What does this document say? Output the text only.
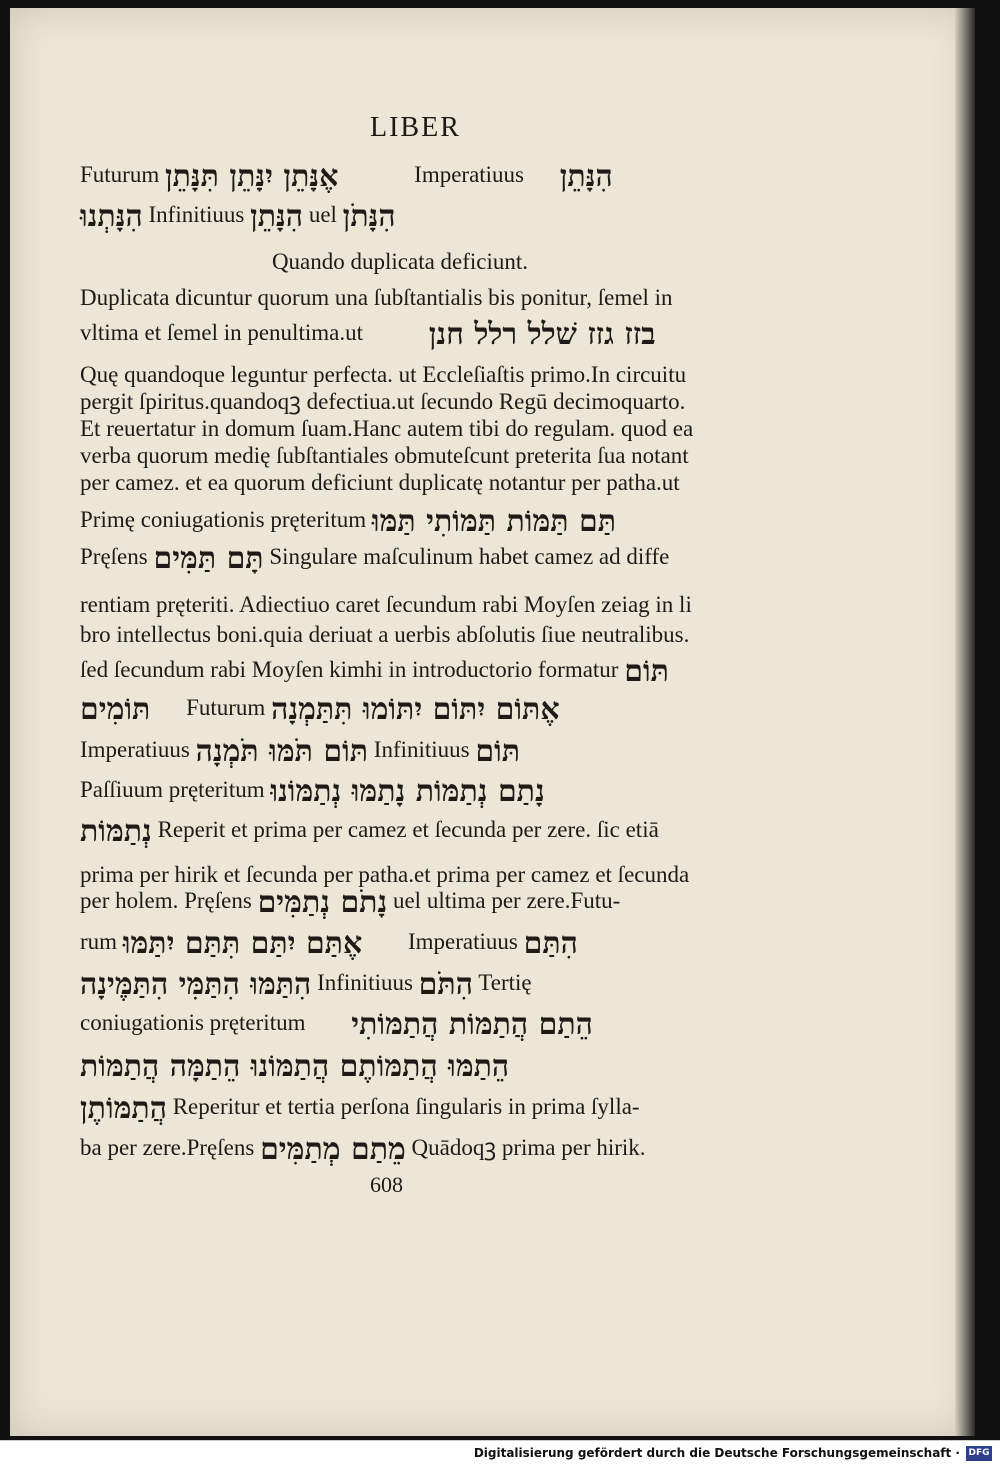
LIBER
Futurum אֶנָּתֵן יִנָּתֵן תִּנָּתֵן	Imperatiuus הִנָּתֵן
הִנָּתְנוּ Infinitiuus הִנָּתֵן uel הִנָּתֹן
Quando duplicata deficiunt.
Duplicata dicuntur quorum una ſubſtantialis bis ponitur, ſemel in
vltima et ſemel in penultima.ut בזז גזז שׁלל רלל חנן
Quę quandoque leguntur perfecta. ut Eccleſiaſtis primo.In circuitu
pergit ſpiritus.quandoqꝫ defectiua.ut ſecundo Regū decimoquarto.
Et reuertatur in domum ſuam.Hanc autem tibi do regulam. quod ea
verba quorum medię ſubſtantiales obmuteſcunt preterita ſua notant
per camez. et ea quorum deficiunt duplicatę notantur per patha.ut
Primę coniugationis pręteritum תַּם תַּמּוֹת תַּמּוֹתִי תַּמּוּ
Pręſens תָּם תַּמִּים Singulare maſculinum habet camez ad diffe
rentiam pręteriti. Adiectiuo caret ſecundum rabi Moyſen zeiag in li
bro intellectus boni.quia deriuat a uerbis abſolutis ſiue neutralibus.
ſed ſecundum rabi Moyſen kimhi in introductorio formatur תּוֹם
תּוֹמִים Futurum אֶתּוֹם יִתּוֹם יִתּוֹמוּ תִּתַּמְנָה
Imperatiuus תּוֹם תֹּמּוּ תֹּמְנָה Infinitiuus תּוֹם
Paſſiuum pręteritum נָתַם נְתַמּוֹת נָתַמּוּ נְתַמּוֹנוּ
נְתַמּוֹת Reperit et prima per camez et ſecunda per zere. ſic etiā
prima per hirik et ſecunda per patha.et prima per camez et ſecunda
per holem. Pręſens נָתֹם נְתַמִּים uel ultima per zere.Futu-
rum אֶתַּם יִתַּם תִּתַּם יִתַּמּוּ Imperatiuus הִתַּם
הִתַּמּוּ הִתַּמִּי הִתַּמֶּינָה Infinitiuus הִתֹּם Tertię
coniugationis pręteritum הֵתַם הֲתַמּוֹת הֲתַמּוֹתִי
הֵתַמּוּ הֲתַמּוֹתֶם הֲתַמּוֹנוּ הֵתַמָּה הֲתַמּוֹת
הֲתַמּוֹתֶן Reperitur et tertia perſona ſingularis in prima ſylla-
ba per zere.Pręſens מֵתַם מְתַמִּים Quādoqꝫ prima per hirik.
608
Digitalisierung gefördert durch die Deutsche Forschungsgemeinschaft · DFG
